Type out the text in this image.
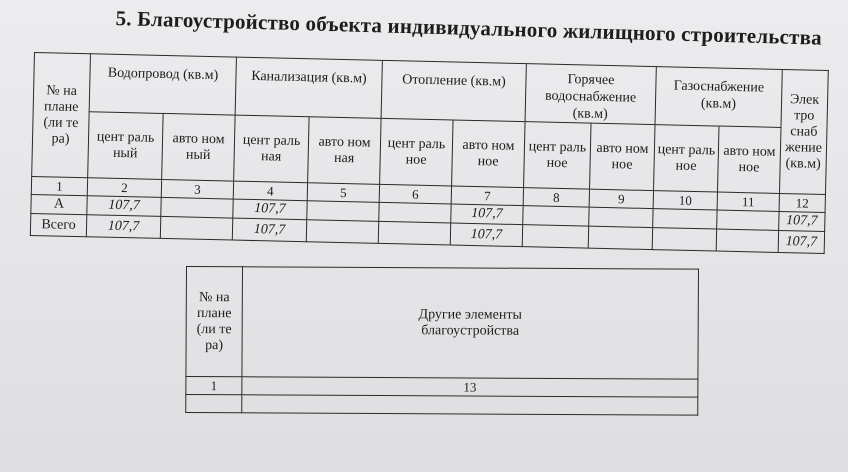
5. Благоустройство объекта индивидуального жилищного строительства
№ на плане (ли те ра)	Водопровод (кв.м)		Канализация (кв.м)		Отопление (кв.м)		Горячее водоснабжение (кв.м)		Газоснабжение (кв.м)		Элек тро снаб жение (кв.м)
	цент раль ный	авто ном ный	цент раль ная	авто ном ная	цент раль ное	авто ном ное	цент раль ное	авто ном ное	цент раль ное	авто ном ное	
1	2	3	4	5	6	7	8	9	10	11	12
А	107,7		107,7			107,7					107,7
Всего	107,7		107,7			107,7					107,7
№ на плане (ли те ра)	Другие элементы благоустройства
1	13
